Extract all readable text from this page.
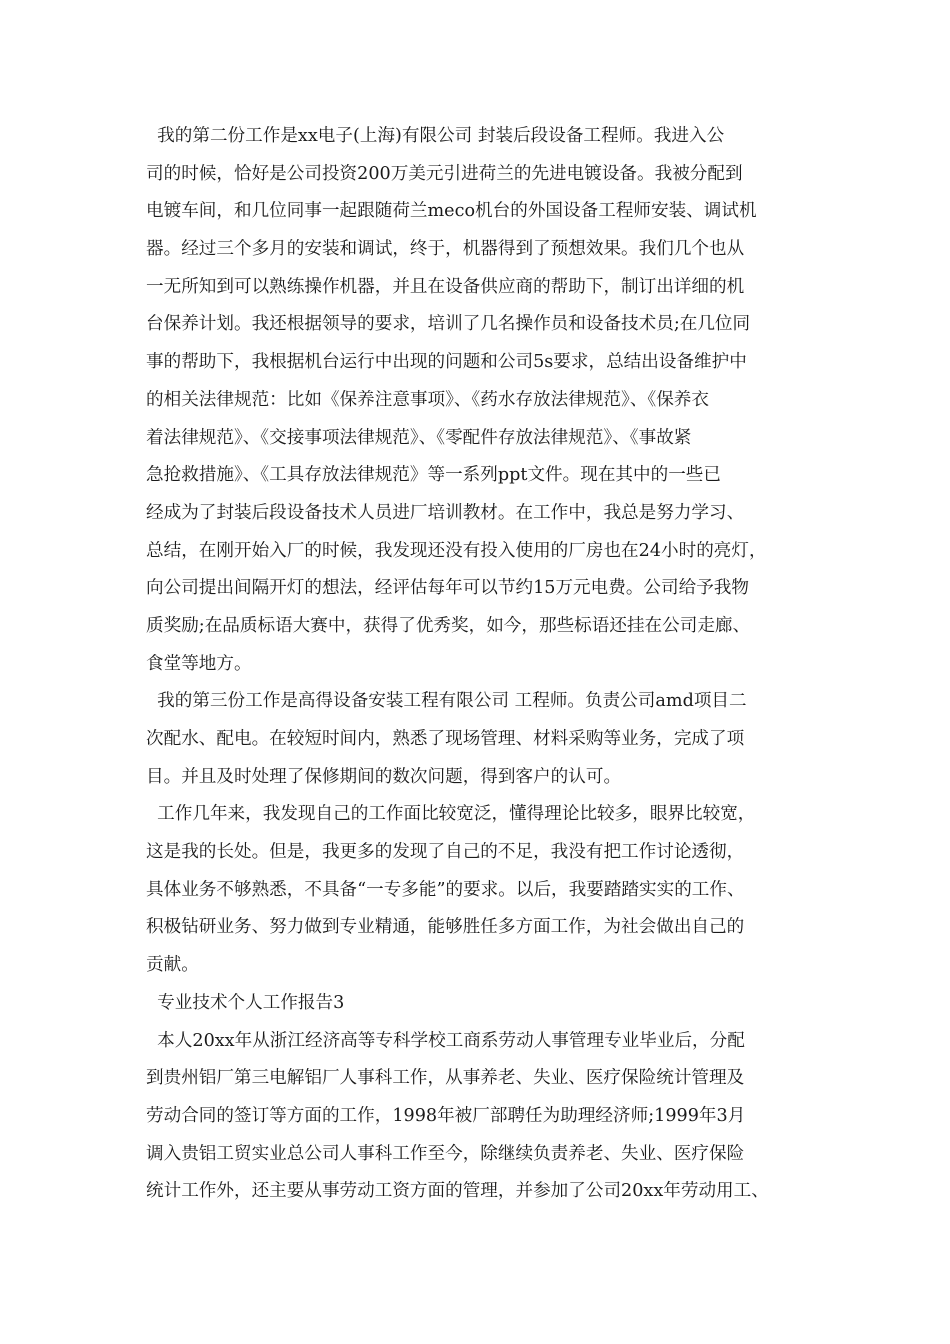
我的第二份工作是xx电子(上海)有限公司 封装后段设备工程师。我进入公
司的时候，恰好是公司投资200万美元引进荷兰的先进电镀设备。我被分配到
电镀车间，和几位同事一起跟随荷兰meco机台的外国设备工程师安装、调试机
器。经过三个多月的安装和调试，终于，机器得到了预想效果。我们几个也从
一无所知到可以熟练操作机器，并且在设备供应商的帮助下，制订出详细的机
台保养计划。我还根据领导的要求，培训了几名操作员和设备技术员;在几位同
事的帮助下，我根据机台运行中出现的问题和公司5s要求，总结出设备维护中
的相关法律规范：比如《保养注意事项》、《药水存放法律规范》、《保养衣
着法律规范》、《交接事项法律规范》、《零配件存放法律规范》、《事故紧
急抢救措施》、《工具存放法律规范》等一系列ppt文件。现在其中的一些已
经成为了封装后段设备技术人员进厂培训教材。在工作中，我总是努力学习、
总结，在刚开始入厂的时候，我发现还没有投入使用的厂房也在24小时的亮灯，
向公司提出间隔开灯的想法，经评估每年可以节约15万元电费。公司给予我物
质奖励;在品质标语大赛中，获得了优秀奖，如今，那些标语还挂在公司走廊、
食堂等地方。
我的第三份工作是高得设备安装工程有限公司 工程师。负责公司amd项目二
次配水、配电。在较短时间内，熟悉了现场管理、材料采购等业务，完成了项
目。并且及时处理了保修期间的数次问题，得到客户的认可。
工作几年来，我发现自己的工作面比较宽泛，懂得理论比较多，眼界比较宽，
这是我的长处。但是，我更多的发现了自己的不足，我没有把工作讨论透彻，
具体业务不够熟悉，不具备“一专多能”的要求。以后，我要踏踏实实的工作、
积极钻研业务、努力做到专业精通，能够胜任多方面工作，为社会做出自己的
贡献。
专业技术个人工作报告3
本人20xx年从浙江经济高等专科学校工商系劳动人事管理专业毕业后，分配
到贵州铝厂第三电解铝厂人事科工作，从事养老、失业、医疗保险统计管理及
劳动合同的签订等方面的工作，1998年被厂部聘任为助理经济师;1999年3月
调入贵铝工贸实业总公司人事科工作至今，除继续负责养老、失业、医疗保险
统计工作外，还主要从事劳动工资方面的管理，并参加了公司20xx年劳动用工、
